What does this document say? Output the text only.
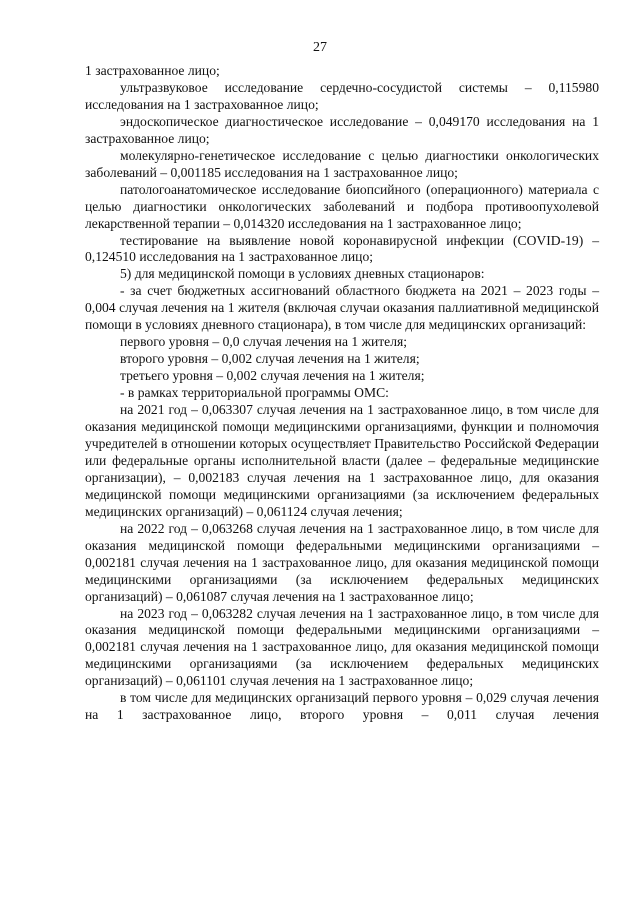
27

1 застрахованное лицо;

ультразвуковое исследование сердечно-сосудистой системы – 0,115980 исследования на 1 застрахованное лицо;

эндоскопическое диагностическое исследование – 0,049170 исследования на 1 застрахованное лицо;

молекулярно-генетическое исследование с целью диагностики онкологических заболеваний – 0,001185 исследования на 1 застрахованное лицо;

патологоанатомическое исследование биопсийного (операционного) материала с целью диагностики онкологических заболеваний и подбора противоопухолевой лекарственной терапии – 0,014320 исследования на 1 застрахованное лицо;

тестирование на выявление новой коронавирусной инфекции (COVID-19) – 0,124510 исследования на 1 застрахованное лицо;

5) для медицинской помощи в условиях дневных стационаров:

- за счет бюджетных ассигнований областного бюджета на 2021 – 2023 годы – 0,004 случая лечения на 1 жителя (включая случаи оказания паллиативной медицинской помощи в условиях дневного стационара), в том числе для медицинских организаций:

первого уровня – 0,0 случая лечения на 1 жителя;

второго уровня – 0,002 случая лечения на 1 жителя;

третьего уровня – 0,002 случая лечения на 1 жителя;

- в рамках территориальной программы ОМС:

на 2021 год – 0,063307 случая лечения на 1 застрахованное лицо, в том числе для оказания медицинской помощи медицинскими организациями, функции и полномочия учредителей в отношении которых осуществляет Правительство Российской Федерации или федеральные органы исполнительной власти (далее – федеральные медицинские организации), – 0,002183 случая лечения на 1 застрахованное лицо, для оказания медицинской помощи медицинскими организациями (за исключением федеральных медицинских организаций) – 0,061124 случая лечения;

на 2022 год – 0,063268 случая лечения на 1 застрахованное лицо, в том числе для оказания медицинской помощи федеральными медицинскими организациями – 0,002181 случая лечения на 1 застрахованное лицо, для оказания медицинской помощи медицинскими организациями (за исключением федеральных медицинских организаций) – 0,061087 случая лечения на 1 застрахованное лицо;

на 2023 год – 0,063282 случая лечения на 1 застрахованное лицо, в том числе для оказания медицинской помощи федеральными медицинскими организациями – 0,002181 случая лечения на 1 застрахованное лицо, для оказания медицинской помощи медицинскими организациями (за исключением федеральных медицинских организаций) – 0,061101 случая лечения на 1 застрахованное лицо;

в том числе для медицинских организаций первого уровня – 0,029 случая лечения на 1 застрахованное лицо, второго уровня – 0,011 случая лечения
